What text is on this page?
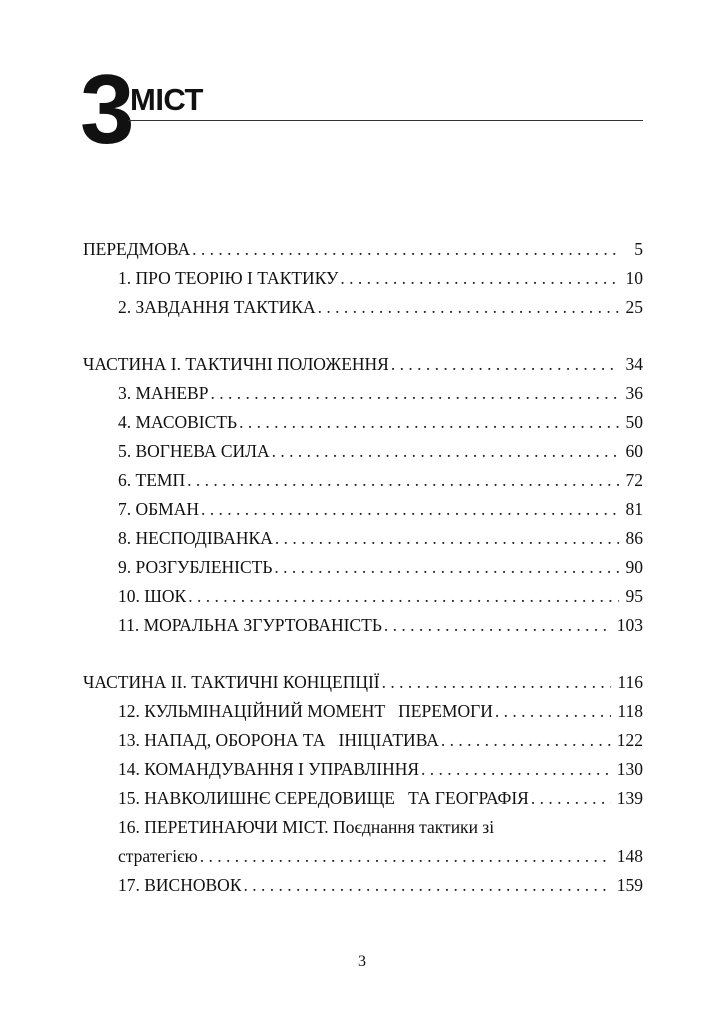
3
МІСТ
ПЕРЕДМОВА . . .	5
1. ПРО ТЕОРІЮ І ТАКТИКУ . . .	10
2. ЗАВДАННЯ ТАКТИКА . . .	25
ЧАСТИНА І. ТАКТИЧНІ ПОЛОЖЕННЯ . . .	34
3. МАНЕВР . . .	36
4. МАСОВІСТЬ . . .	50
5. ВОГНЕВА СИЛА . . .	60
6. ТЕМП . . .	72
7. ОБМАН . . .	81
8. НЕСПОДІВАНКА . . .	86
9. РОЗГУБЛЕНІСТЬ . . .	90
10. ШОК . . .	95
11. МОРАЛЬНА ЗГУРТОВАНІСТЬ . . .	103
ЧАСТИНА ІІ. ТАКТИЧНІ КОНЦЕПЦІЇ . . .	116
12. КУЛЬМІНАЦІЙНИЙ МОМЕНТ   ПЕРЕМОГИ . . .	118
13. НАПАД, ОБОРОНА ТА   ІНІЦІАТИВА . . .	122
14. КОМАНДУВАННЯ І УПРАВЛІННЯ . . .	130
15. НАВКОЛИШНЄ СЕРЕДОВИЩЕ   ТА ГЕОГРАФІЯ . . .	139
16. ПЕРЕТИНАЮЧИ МІСТ. Поєднання тактики зі
стратегією . . .	148
17. ВИСНОВОК . . .	159
3
